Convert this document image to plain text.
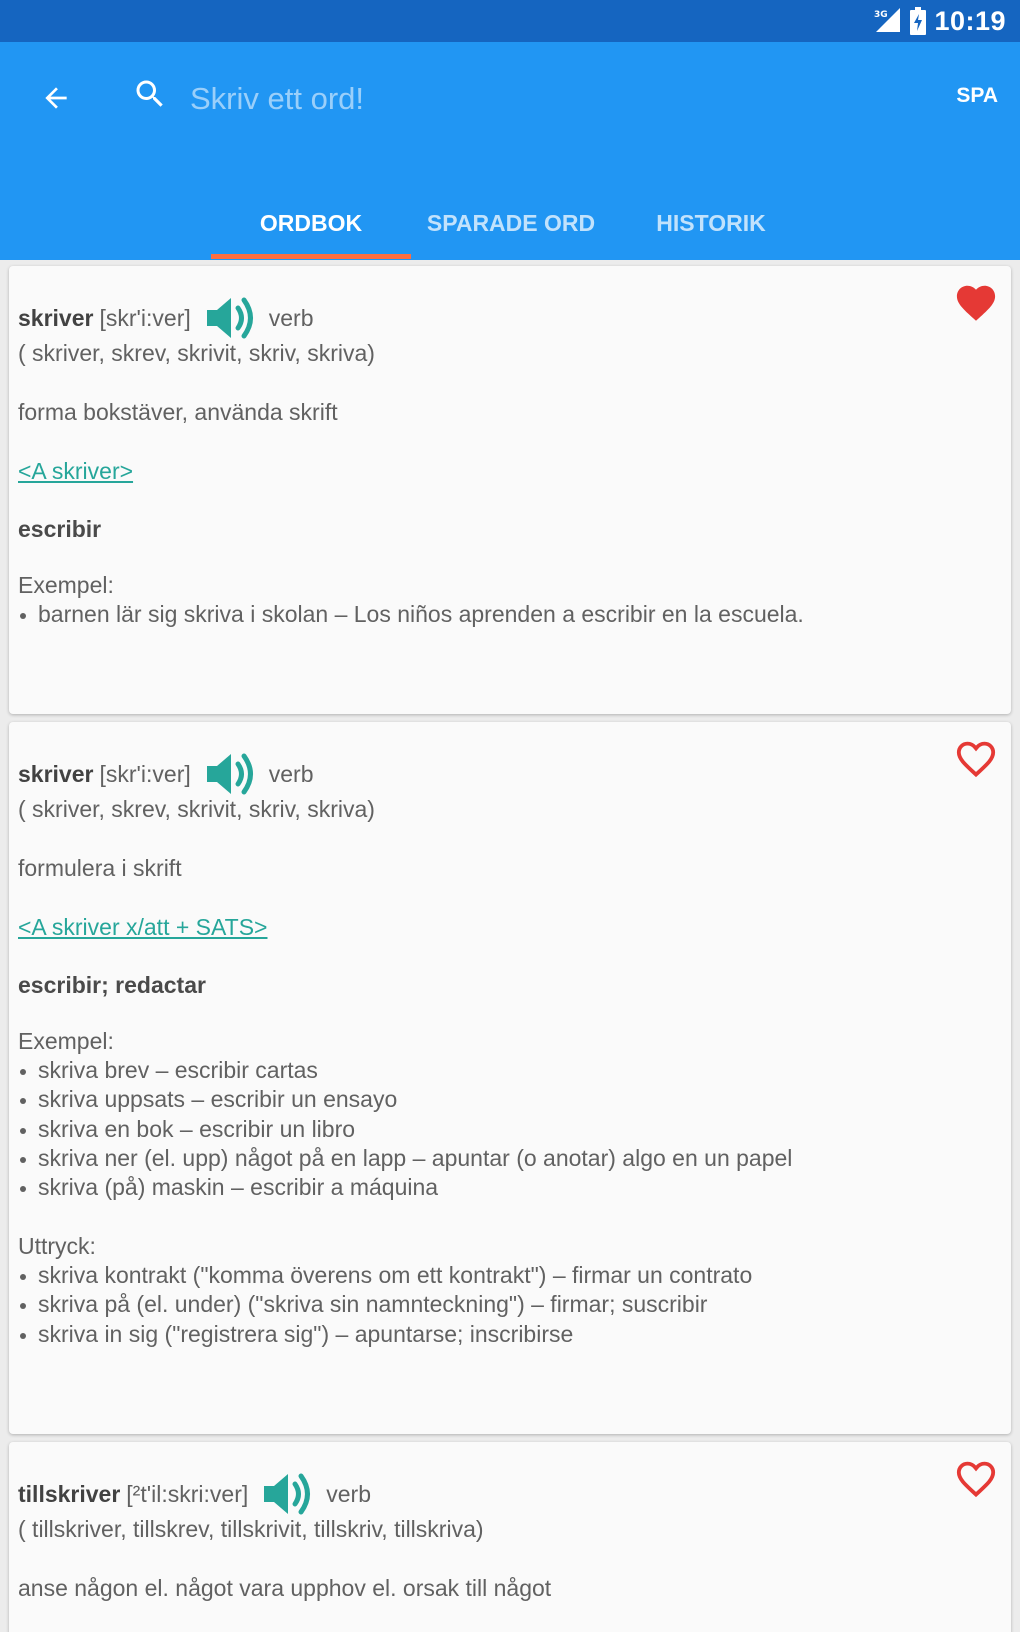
3G 10:19
Skriv ett ord!
SPA
ORDBOK	SPARADE ORD	HISTORIK
skriver [skr'i:ver]	verb
( skriver, skrev, skrivit, skriv, skriva)
forma bokstäver, använda skrift
<A skriver>
escribir
Exempel:
barnen lär sig skriva i skolan – Los niños aprenden a escribir en la escuela.
skriver [skr'i:ver]	verb
( skriver, skrev, skrivit, skriv, skriva)
formulera i skrift
<A skriver x/att + SATS>
escribir; redactar
Exempel:
skriva brev – escribir cartas
skriva uppsats – escribir un ensayo
skriva en bok – escribir un libro
skriva ner (el. upp) något på en lapp – apuntar (o anotar) algo en un papel
skriva (på) maskin – escribir a máquina
Uttryck:
skriva kontrakt ("komma överens om ett kontrakt") – firmar un contrato
skriva på (el. under) ("skriva sin namnteckning") – firmar; suscribir
skriva in sig ("registrera sig") – apuntarse; inscribirse
tillskriver [²t'il:skri:ver]	verb
( tillskriver, tillskrev, tillskrivit, tillskriv, tillskriva)
anse någon el. något vara upphov el. orsak till något
